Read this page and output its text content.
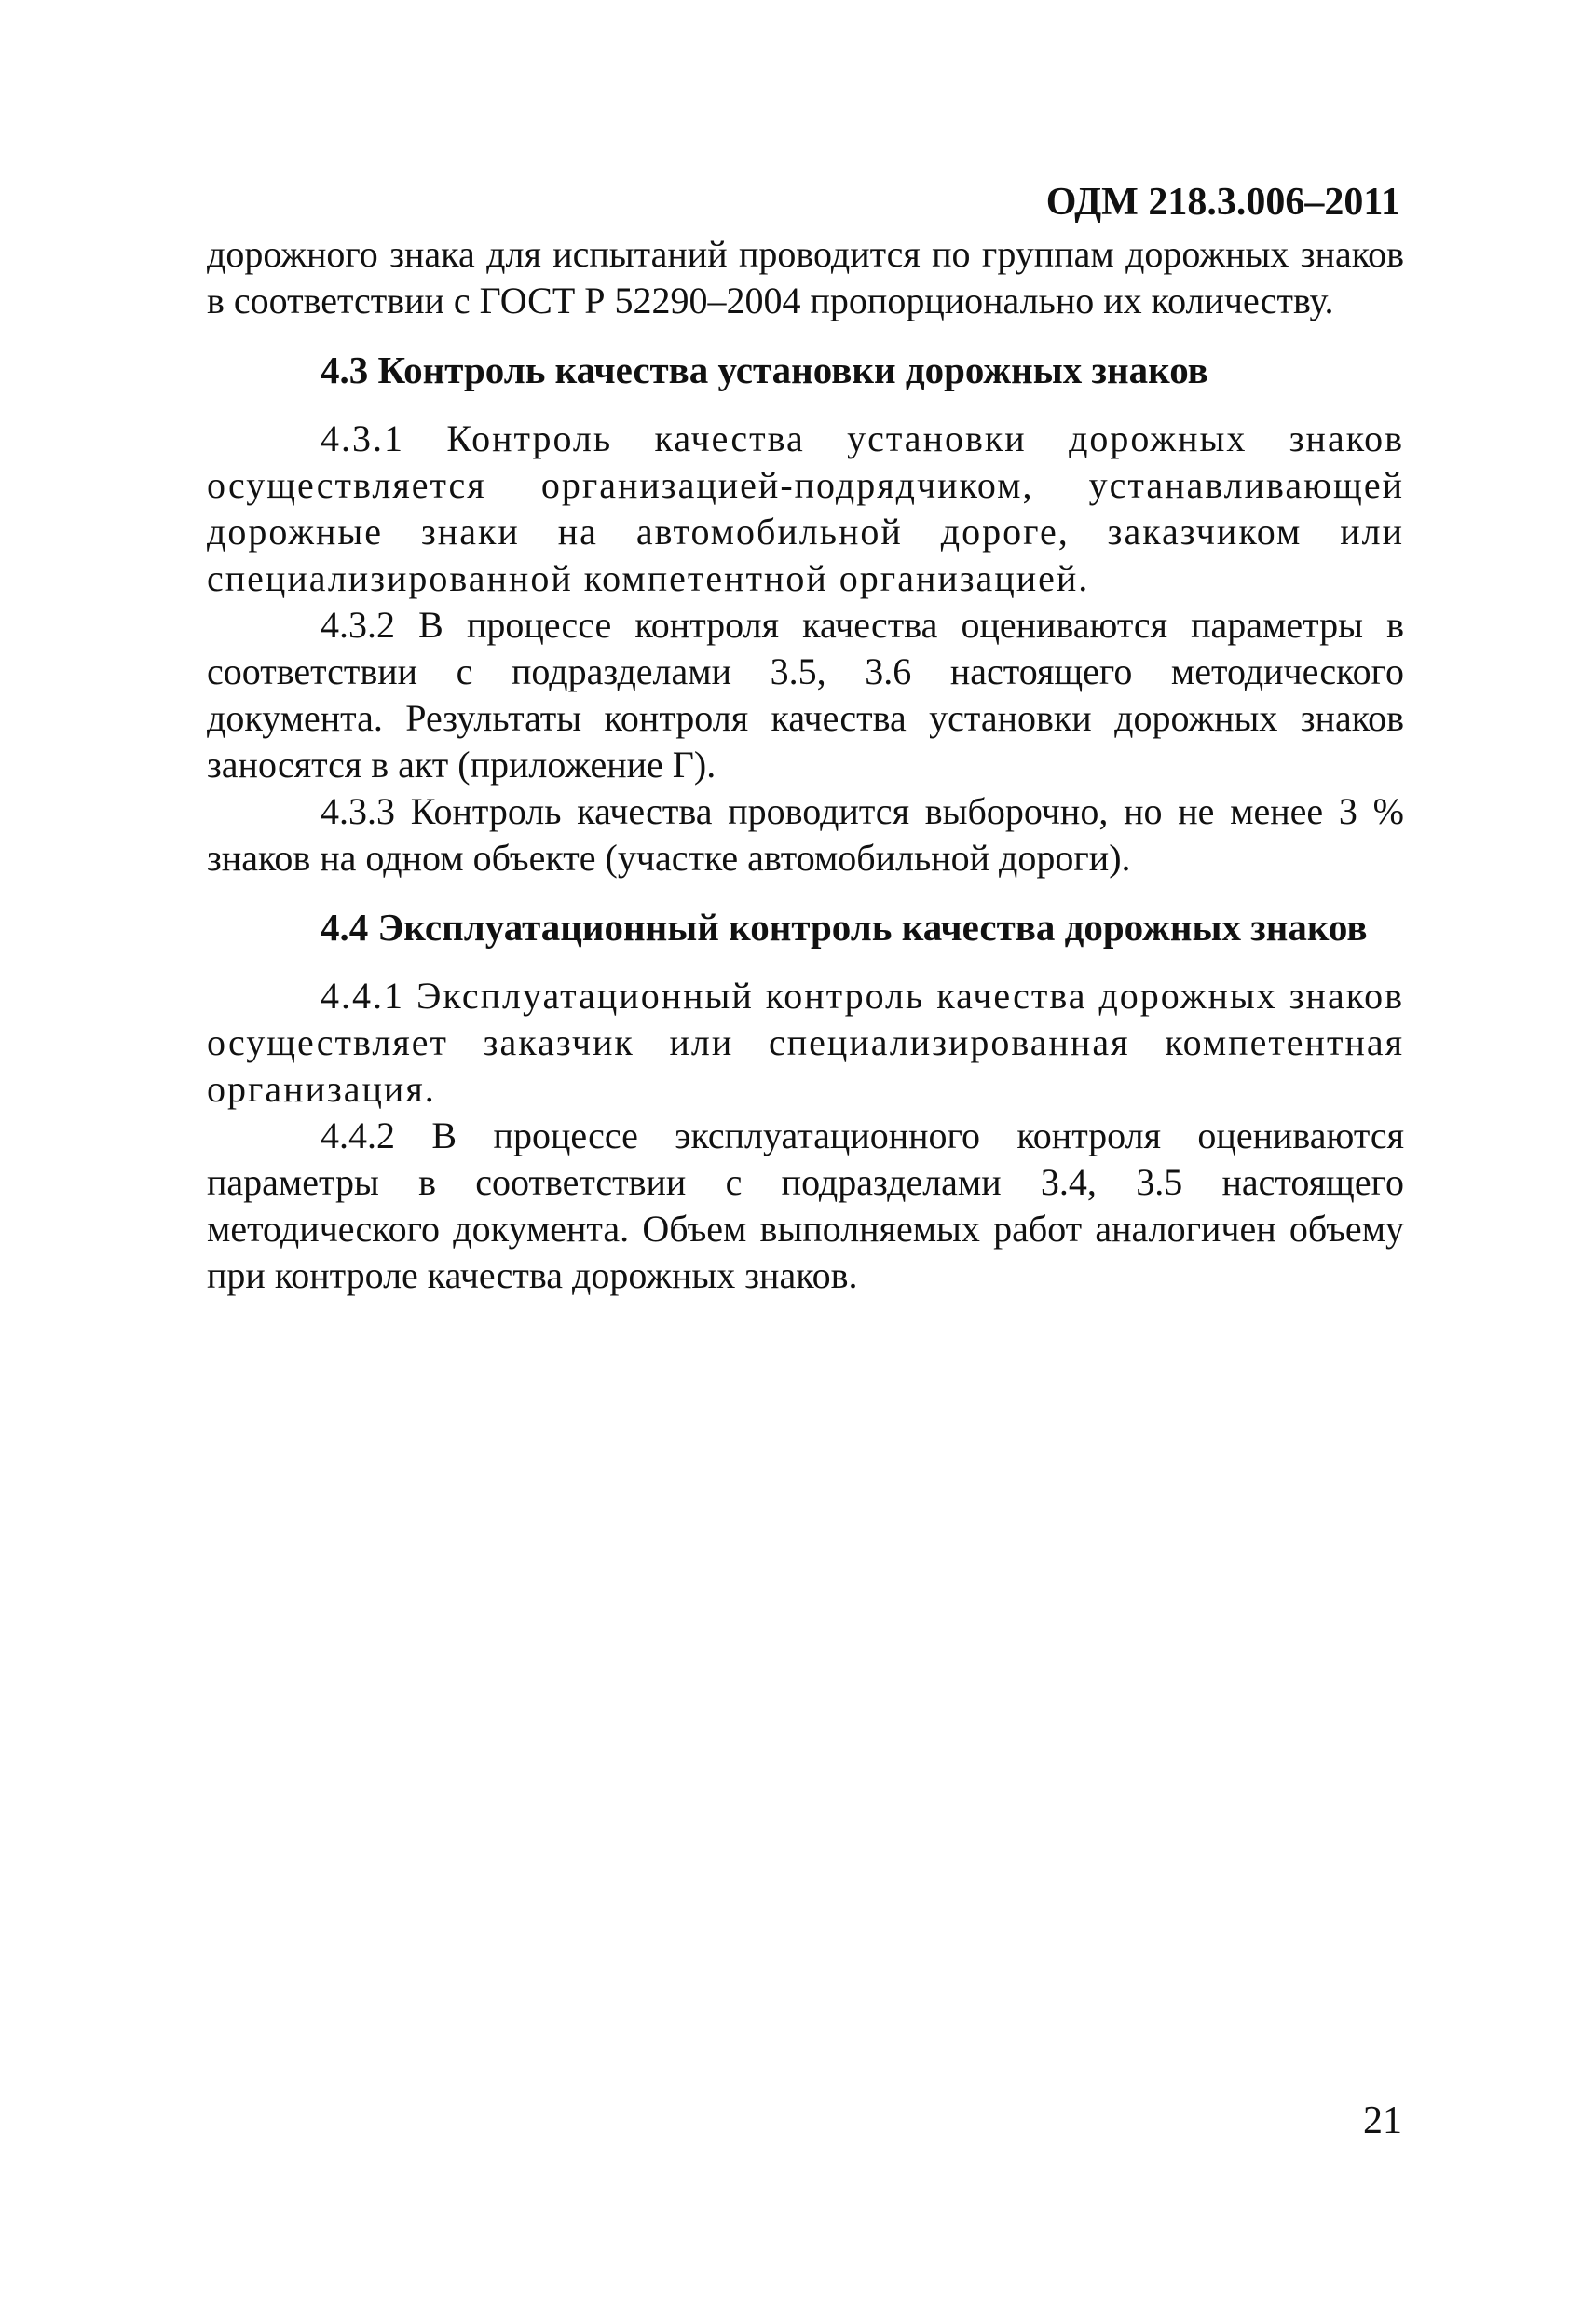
ОДМ 218.3.006–2011

дорожного знака для испытаний проводится по группам дорожных знаков в соответствии с ГОСТ Р 52290–2004 пропорционально их количеству.

4.3 Контроль качества установки дорожных знаков

4.3.1 Контроль качества установки дорожных знаков осуществляется организацией-подрядчиком, устанавливающей дорожные знаки на автомобильной дороге, заказчиком или специализированной компетентной организацией.

4.3.2 В процессе контроля качества оцениваются параметры в соответствии с подразделами 3.5, 3.6 настоящего методического документа. Результаты контроля качества установки дорожных знаков заносятся в акт (приложение Г).

4.3.3 Контроль качества проводится выборочно, но не менее 3 % знаков на одном объекте (участке автомобильной дороги).

4.4 Эксплуатационный контроль качества дорожных знаков

4.4.1 Эксплуатационный контроль качества дорожных знаков осуществляет заказчик или специализированная компетентная организация.

4.4.2 В процессе эксплуатационного контроля оцениваются параметры в соответствии с подразделами 3.4, 3.5 настоящего методического документа. Объем выполняемых работ аналогичен объему при контроле качества дорожных знаков.

21
